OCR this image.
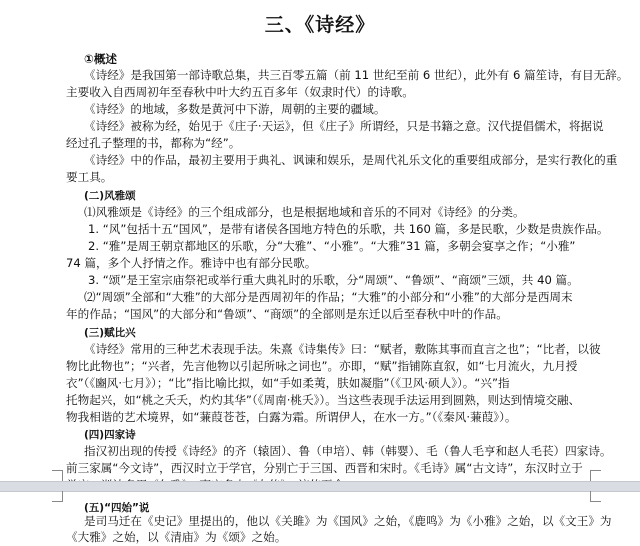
三、《诗经》
①概述
《诗经》是我国第一部诗歌总集，共三百零五篇（前 11 世纪至前 6 世纪），此外有 6 篇笙诗，有目无辞。
主要收入自西周初年至春秋中叶大约五百多年（奴隶时代）的诗歌。
《诗经》的地域，多数是黄河中下游，周朝的主要的疆域。
《诗经》被称为经，始见于《庄子·天运》，但《庄子》所谓经，只是书籍之意。汉代提倡儒术，将据说
经过孔子整理的书，都称为“经”。
《诗经》中的作品，最初主要用于典礼、讽谏和娱乐，是周代礼乐文化的重要组成部分，是实行教化的重
要工具。
(二)风雅颂
⑴风雅颂是《诗经》的三个组成部分，也是根据地域和音乐的不同对《诗经》的分类。
1. “风”包括十五“国风”，是带有诸侯各国地方特色的乐歌，共 160 篇，多是民歌，少数是贵族作品。
2. “雅”是周王朝京都地区的乐歌，分“大雅”、“小雅”。“大雅”31 篇，多朝会宴享之作；“小雅”
74 篇，多个人抒情之作。雅诗中也有部分民歌。
3. “颂”是王室宗庙祭祀或举行重大典礼时的乐歌，分“周颂”、“鲁颂”、“商颂”三颂，共 40 篇。
⑵“周颂”全部和“大雅”的大部分是西周初年的作品；“大雅”的小部分和“小雅”的大部分是西周末
年的作品；“国风”的大部分和“鲁颂”、“商颂”的全部则是东迁以后至春秋中叶的作品。
(三)赋比兴
《诗经》常用的三种艺术表现手法。朱熹《诗集传》曰：“赋者，敷陈其事而直言之也”；“比者，以彼
物比此物也”；“兴者，先言他物以引起所咏之词也”。亦即，“赋”指铺陈直叙，如“七月流火，九月授
衣”（《豳风·七月》）；“比”指比喻比拟，如“手如柔荑，肤如凝脂”（《卫风·硕人》）。“兴”指
托物起兴，如“桃之夭夭，灼灼其华”（《周南·桃夭》）。当这些表现手法运用到圆熟，则达到情境交融、
物我相谐的艺术境界，如“蒹葭苍苍，白露为霜。所谓伊人，在水一方。”（《秦风·蒹葭》）。
(四)四家诗
指汉初出现的传授《诗经》的齐（辕固）、鲁（申培）、韩（韩婴）、毛（鲁人毛亨和赵人毛苌）四家诗。
前三家属“今文诗”，西汉时立于学官，分别亡于三国、西晋和宋时。《毛诗》属“古文诗”，东汉时立于
(五)“四始”说
是司马迁在《史记》里提出的，他以《关雎》为《国风》之始，《鹿鸣》为《小雅》之始，以《文王》为
《大雅》之始，以《清庙》为《颂》之始。
